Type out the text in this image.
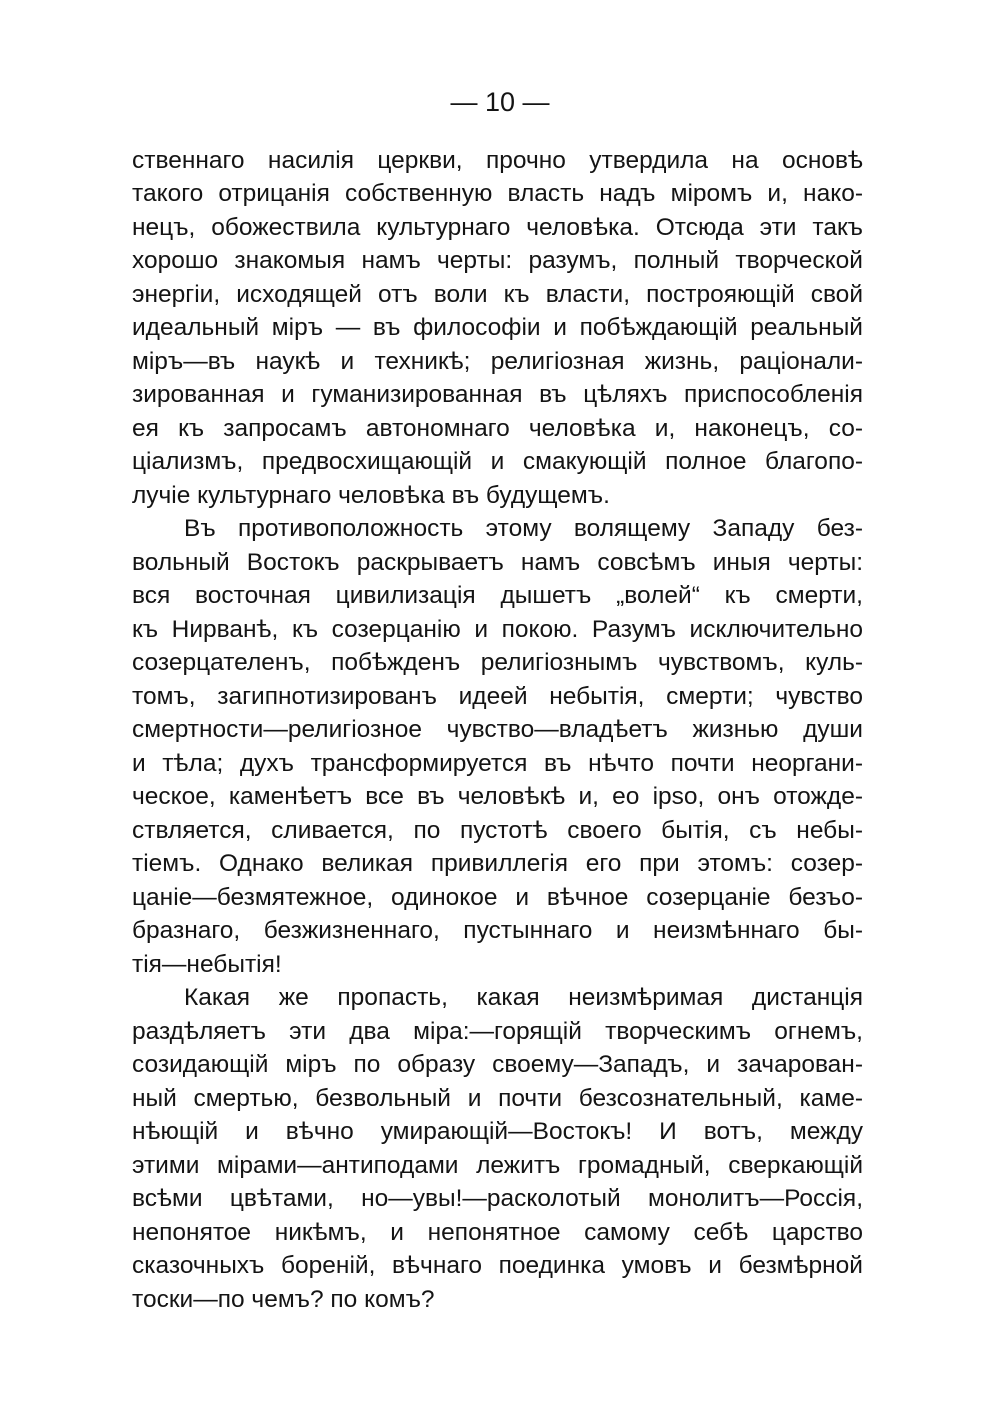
— 10 —
ственнаго насилія церкви, прочно утвердила на основѣ
такого отрицанія собственную власть надъ міромъ и, нако-
нецъ, обожествила культурнаго человѣка. Отсюда эти такъ
хорошо знакомыя намъ черты: разумъ, полный творческой
энергіи, исходящей отъ воли къ власти, построяющій свой
идеальный міръ — въ философіи и побѣждающій реальный
міръ—въ наукѣ и техникѣ; религіозная жизнь, раціонали-
зированная и гуманизированная въ цѣляхъ приспособленія
ея къ запросамъ автономнаго человѣка и, наконецъ, со-
ціализмъ, предвосхищающій и смакующій полное благопо-
лучіе культурнаго человѣка въ будущемъ.
Въ противоположность этому волящему Западу без-
вольный Востокъ раскрываетъ намъ совсѣмъ иныя черты:
вся восточная цивилизація дышетъ „волей“ къ смерти,
къ Нирванѣ, къ созерцанію и покою. Разумъ исключительно
созерцателенъ, побѣжденъ религіознымъ чувствомъ, куль-
томъ, загипнотизированъ идеей небытія, смерти; чувство
смертности—религіозное чувство—владѣетъ жизнью души
и тѣла; духъ трансформируется въ нѣчто почти неоргани-
ческое, каменѣетъ все въ человѣкѣ и, eo ipso, онъ отожде-
ствляется, сливается, по пустотѣ своего бытія, съ небы-
тіемъ. Однако великая привиллегія его при этомъ: созер-
цаніе—безмятежное, одинокое и вѣчное созерцаніе безъо-
бразнаго, безжизненнаго, пустыннаго и неизмѣннаго бы-
тія—небытія!
Какая же пропасть, какая неизмѣримая дистанція
раздѣляетъ эти два міра:—горящій творческимъ огнемъ,
созидающій міръ по образу своему—Западъ, и зачарован-
ный смертью, безвольный и почти безсознательный, каме-
нѣющій и вѣчно умирающій—Востокъ! И вотъ, между
этими мірами—антиподами лежитъ громадный, сверкающій
всѣми цвѣтами, но—увы!—расколотый монолитъ—Россія,
непонятое никѣмъ, и непонятное самому себѣ царство
сказочныхъ бореній, вѣчнаго поединка умовъ и безмѣрной
тоски—по чемъ? по комъ?
